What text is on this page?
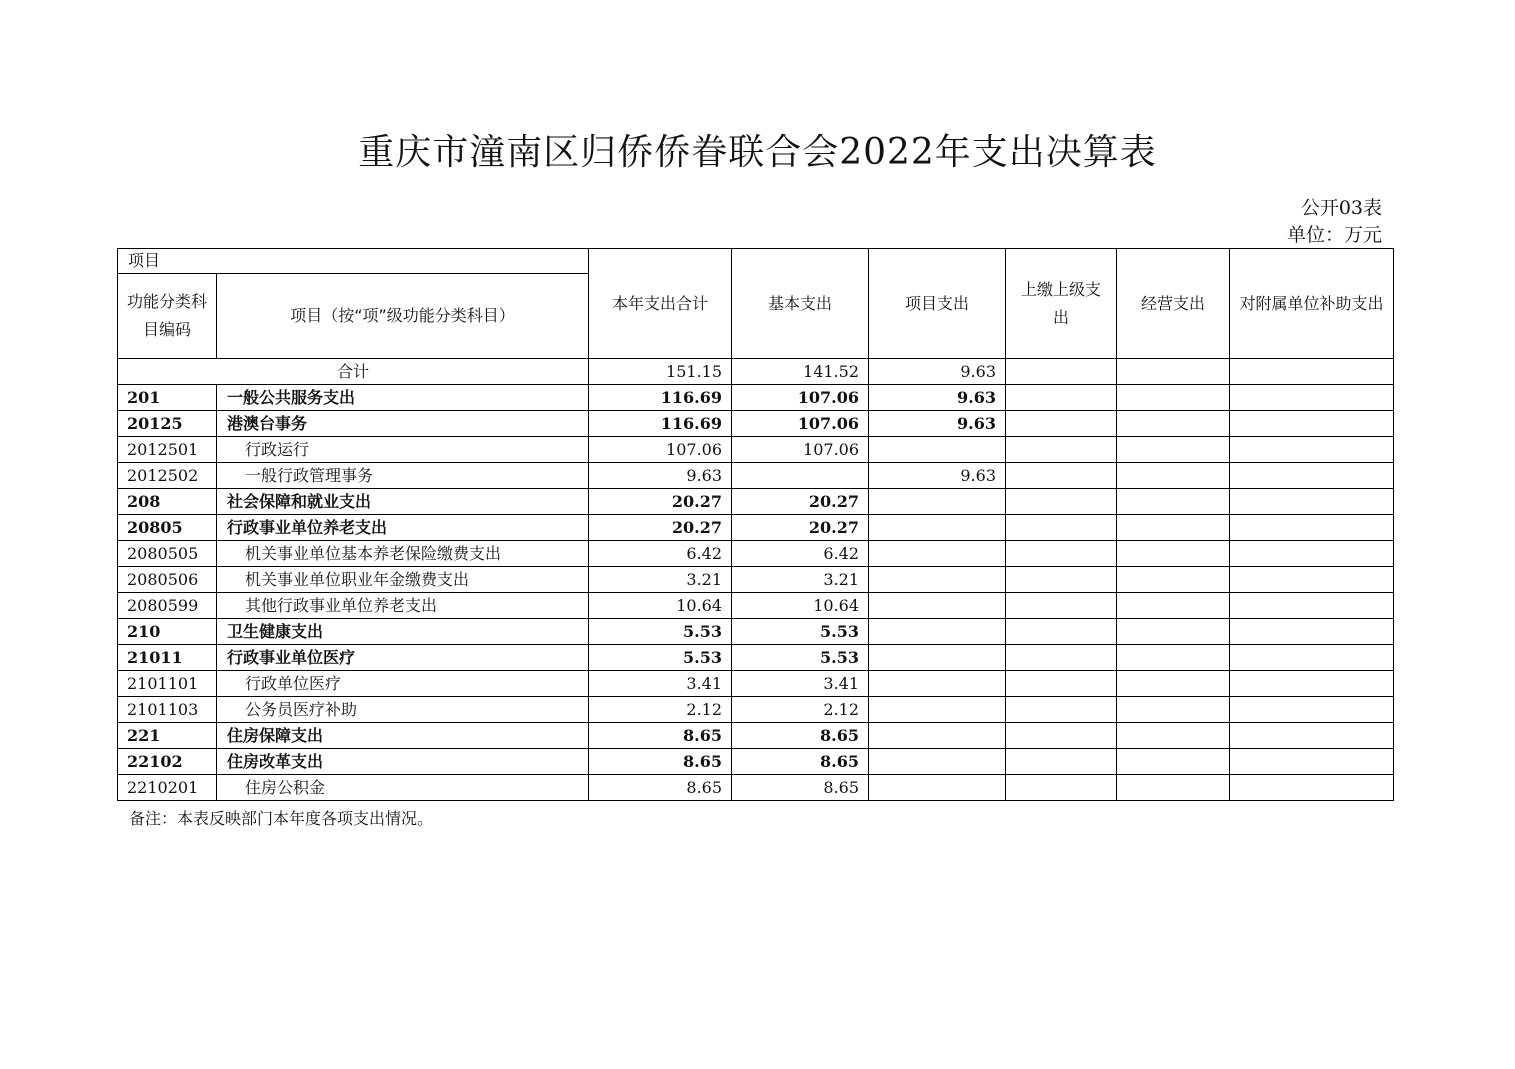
重庆市潼南区归侨侨眷联合会2022年支出决算表
公开03表
单位：万元
项目		本年支出合计	基本支出	项目支出	上缴上级支出	经营支出	对附属单位补助支出
功能分类科目编码	项目（按“项”级功能分类科目）						
合计		151.15	141.52	9.63			
201	一般公共服务支出	116.69	107.06	9.63			
20125	港澳台事务	116.69	107.06	9.63			
2012501	行政运行	107.06	107.06				
2012502	一般行政管理事务	9.63		9.63			
208	社会保障和就业支出	20.27	20.27				
20805	行政事业单位养老支出	20.27	20.27				
2080505	机关事业单位基本养老保险缴费支出	6.42	6.42				
2080506	机关事业单位职业年金缴费支出	3.21	3.21				
2080599	其他行政事业单位养老支出	10.64	10.64				
210	卫生健康支出	5.53	5.53				
21011	行政事业单位医疗	5.53	5.53				
2101101	行政单位医疗	3.41	3.41				
2101103	公务员医疗补助	2.12	2.12				
221	住房保障支出	8.65	8.65				
22102	住房改革支出	8.65	8.65				
2210201	住房公积金	8.65	8.65				
备注：本表反映部门本年度各项支出情况。
